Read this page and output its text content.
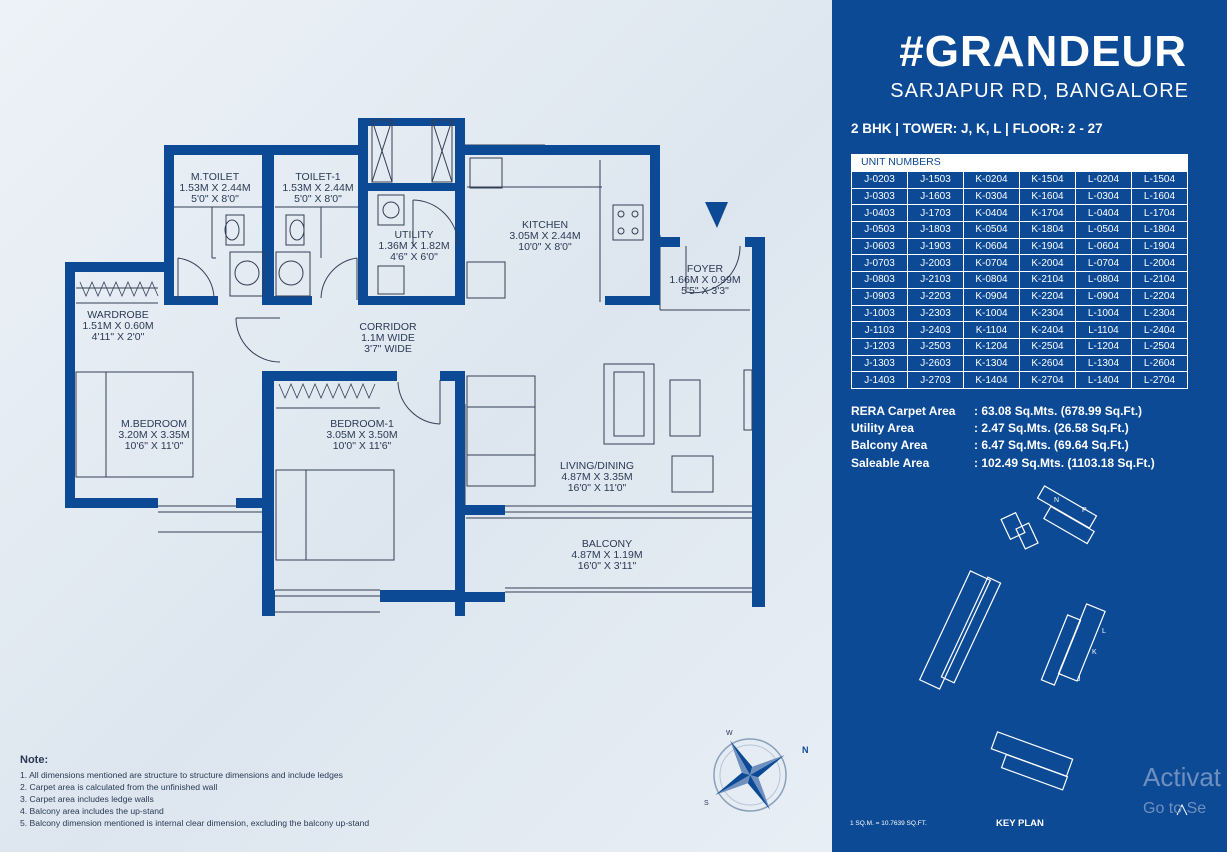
M.TOILET
1.53M X 2.44M
5'0" X 8'0"
TOILET-1
1.53M X 2.44M
5'0" X 8'0"
UTILITY
1.36M X 1.82M
4'6" X 6'0"
KITCHEN
3.05M X 2.44M
10'0" X 8'0"
FOYER
1.66M X 0.99M
5'5" X 3'3"
WARDROBE
1.51M X 0.60M
4'11" X 2'0"
CORRIDOR
1.1M WIDE
3'7" WIDE
M.BEDROOM
3.20M X 3.35M
10'6" X 11'0"
BEDROOM-1
3.05M X 3.50M
10'0" X 11'6"
LIVING/DINING
4.87M X 3.35M
16'0" X 11'0"
BALCONY
4.87M X 1.19M
16'0" X 3'11"
N
W
S
Note:
1. All dimensions mentioned are structure to structure dimensions and include ledges
2. Carpet area is calculated from the unfinished wall
3. Carpet area includes ledge walls
4. Balcony area includes the up-stand
5. Balcony dimension mentioned is internal clear dimension, excluding the balcony up-stand
#GRANDEUR
SARJAPUR RD, BANGALORE
2 BHK | TOWER: J, K, L | FLOOR: 2 - 27
UNIT NUMBERS
J-0203	J-1503	K-0204	K-1504	L-0204	L-1504
J-0303	J-1603	K-0304	K-1604	L-0304	L-1604
J-0403	J-1703	K-0404	K-1704	L-0404	L-1704
J-0503	J-1803	K-0504	K-1804	L-0504	L-1804
J-0603	J-1903	K-0604	K-1904	L-0604	L-1904
J-0703	J-2003	K-0704	K-2004	L-0704	L-2004
J-0803	J-2103	K-0804	K-2104	L-0804	L-2104
J-0903	J-2203	K-0904	K-2204	L-0904	L-2204
J-1003	J-2303	K-1004	K-2304	L-1004	L-2304
J-1103	J-2403	K-1104	K-2404	L-1104	L-2404
J-1203	J-2503	K-1204	K-2504	L-1204	L-2504
J-1303	J-2603	K-1304	K-2604	L-1304	L-2604
J-1403	J-2703	K-1404	K-2704	L-1404	L-2704
RERA Carpet Area	: 63.08 Sq.Mts. (678.99 Sq.Ft.)
Utility Area	: 2.47 Sq.Mts. (26.58 Sq.Ft.)
Balcony Area	: 6.47 Sq.Mts. (69.64 Sq.Ft.)
Saleable Area	: 102.49 Sq.Mts. (1103.18 Sq.Ft.)
N
P
L
K
J
1 SQ.M. = 10.7639 SQ.FT.	KEY PLAN
Activat
Go to Se
